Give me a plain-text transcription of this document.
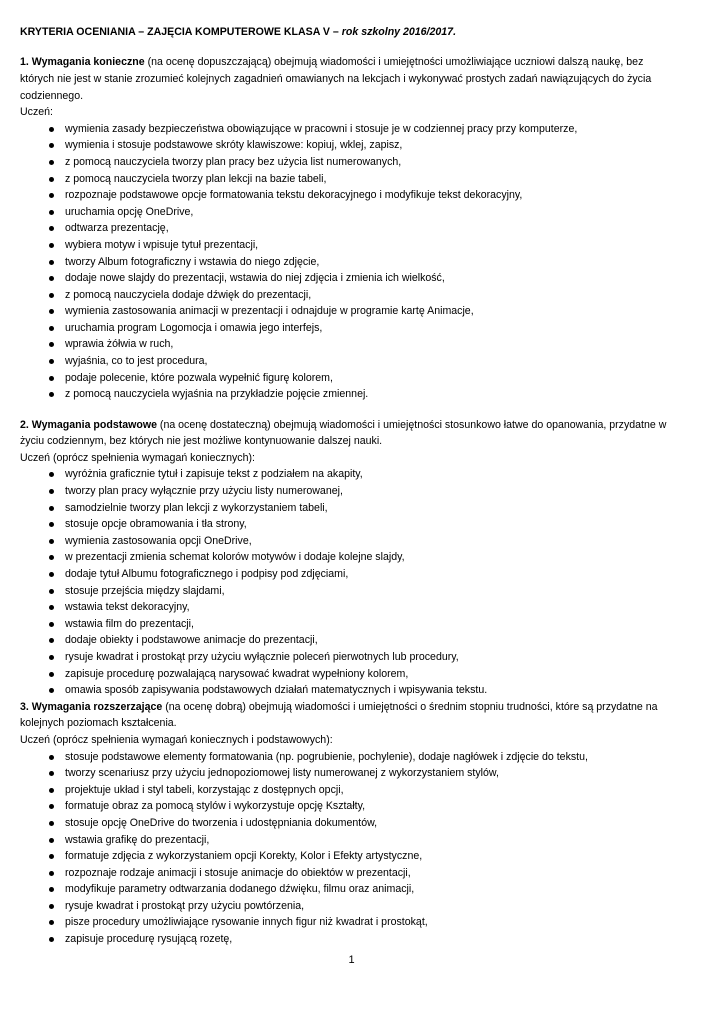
KRYTERIA OCENIANIA – ZAJĘCIA KOMPUTEROWE KLASA V – rok szkolny 2016/2017.

1. Wymagania konieczne (na ocenę dopuszczającą) obejmują wiadomości i umiejętności umożliwiające uczniowi dalszą naukę, bez których nie jest w stanie zrozumieć kolejnych zagadnień omawianych na lekcjach i wykonywać prostych zadań nawiązujących do życia codziennego.

Uczeń:

wymienia zasady bezpieczeństwa obowiązujące w pracowni i stosuje je w codziennej pracy przy komputerze,
wymienia i stosuje podstawowe skróty klawiszowe: kopiuj, wklej, zapisz,
z pomocą nauczyciela tworzy plan pracy bez użycia list numerowanych,
z pomocą nauczyciela tworzy plan lekcji na bazie tabeli,
rozpoznaje podstawowe opcje formatowania tekstu dekoracyjnego i modyfikuje tekst dekoracyjny,
uruchamia opcję OneDrive,
odtwarza prezentację,
wybiera motyw i wpisuje tytuł prezentacji,
tworzy Album fotograficzny i wstawia do niego zdjęcie,
dodaje nowe slajdy do prezentacji, wstawia do niej zdjęcia i zmienia ich wielkość,
z pomocą nauczyciela dodaje dźwięk do prezentacji,
wymienia zastosowania animacji w prezentacji i odnajduje w programie kartę Animacje,
uruchamia program Logomocja i omawia jego interfejs,
wprawia żółwia w ruch,
wyjaśnia, co to jest procedura,
podaje polecenie, które pozwala wypełnić figurę kolorem,
z pomocą nauczyciela wyjaśnia na przykładzie pojęcie zmiennej.

2. Wymagania podstawowe (na ocenę dostateczną) obejmują wiadomości i umiejętności stosunkowo łatwe do opanowania, przydatne w życiu codziennym, bez których nie jest możliwe kontynuowanie dalszej nauki.

Uczeń (oprócz spełnienia wymagań koniecznych):

wyróżnia graficznie tytuł i zapisuje tekst z podziałem na akapity,
tworzy plan pracy wyłącznie przy użyciu listy numerowanej,
samodzielnie tworzy plan lekcji z wykorzystaniem tabeli,
stosuje opcje obramowania i tła strony,
wymienia zastosowania opcji OneDrive,
w prezentacji zmienia schemat kolorów motywów i dodaje kolejne slajdy,
dodaje tytuł Albumu fotograficznego i podpisy pod zdjęciami,
stosuje przejścia między slajdami,
wstawia tekst dekoracyjny,
wstawia film do prezentacji,
dodaje obiekty i podstawowe animacje do prezentacji,
rysuje kwadrat i prostokąt przy użyciu wyłącznie poleceń pierwotnych lub procedury,
zapisuje procedurę pozwalającą narysować kwadrat wypełniony kolorem,
omawia sposób zapisywania podstawowych działań matematycznych i wpisywania tekstu.

3. Wymagania rozszerzające (na ocenę dobrą) obejmują wiadomości i umiejętności o średnim stopniu trudności, które są przydatne na kolejnych poziomach kształcenia.

Uczeń (oprócz spełnienia wymagań koniecznych i podstawowych):

stosuje podstawowe elementy formatowania (np. pogrubienie, pochylenie), dodaje nagłówek i zdjęcie do tekstu,
tworzy scenariusz przy użyciu jednopoziomowej listy numerowanej z wykorzystaniem stylów,
projektuje układ i styl tabeli, korzystając z dostępnych opcji,
formatuje obraz za pomocą stylów i wykorzystuje opcję Kształty,
stosuje opcję OneDrive do tworzenia i udostępniania dokumentów,
wstawia grafikę do prezentacji,
formatuje zdjęcia z wykorzystaniem opcji Korekty, Kolor i Efekty artystyczne,
rozpoznaje rodzaje animacji i stosuje animacje do obiektów w prezentacji,
modyfikuje parametry odtwarzania dodanego dźwięku, filmu oraz animacji,
rysuje kwadrat i prostokąt przy użyciu powtórzenia,
pisze procedury umożliwiające rysowanie innych figur niż kwadrat i prostokąt,
zapisuje procedurę rysującą rozetę,
1
